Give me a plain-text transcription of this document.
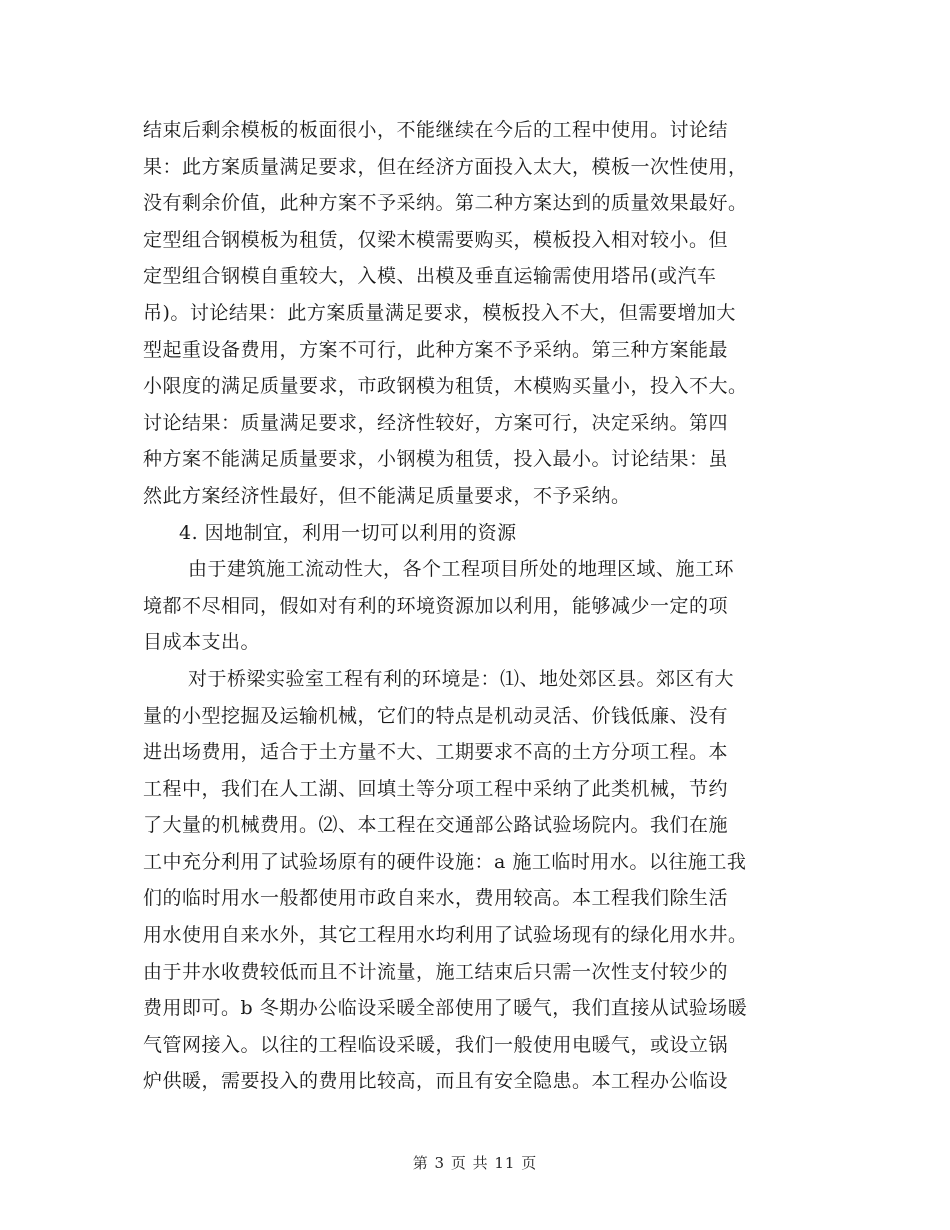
结束后剩余模板的板面很小，不能继续在今后的工程中使用。讨论结
果：此方案质量满足要求，但在经济方面投入太大，模板一次性使用，
没有剩余价值，此种方案不予采纳。第二种方案达到的质量效果最好。
定型组合钢模板为租赁，仅梁木模需要购买，模板投入相对较小。但
定型组合钢模自重较大，入模、出模及垂直运输需使用塔吊(或汽车
吊)。讨论结果：此方案质量满足要求，模板投入不大，但需要增加大
型起重设备费用，方案不可行，此种方案不予采纳。第三种方案能最
小限度的满足质量要求，市政钢模为租赁，木模购买量小，投入不大。
讨论结果：质量满足要求，经济性较好，方案可行，决定采纳。第四
种方案不能满足质量要求，小钢模为租赁，投入最小。讨论结果：虽
然此方案经济性最好，但不能满足质量要求，不予采纳。
4. 因地制宜，利用一切可以利用的资源
由于建筑施工流动性大，各个工程项目所处的地理区域、施工环
境都不尽相同，假如对有利的环境资源加以利用，能够减少一定的项
目成本支出。
对于桥梁实验室工程有利的环境是：⑴、地处郊区县。郊区有大
量的小型挖掘及运输机械，它们的特点是机动灵活、价钱低廉、没有
进出场费用，适合于土方量不大、工期要求不高的土方分项工程。本
工程中，我们在人工湖、回填土等分项工程中采纳了此类机械，节约
了大量的机械费用。⑵、本工程在交通部公路试验场院内。我们在施
工中充分利用了试验场原有的硬件设施：a 施工临时用水。以往施工我
们的临时用水一般都使用市政自来水，费用较高。本工程我们除生活
用水使用自来水外，其它工程用水均利用了试验场现有的绿化用水井。
由于井水收费较低而且不计流量，施工结束后只需一次性支付较少的
费用即可。b 冬期办公临设采暖全部使用了暖气，我们直接从试验场暖
气管网接入。以往的工程临设采暖，我们一般使用电暖气，或设立锅
炉供暖，需要投入的费用比较高，而且有安全隐患。本工程办公临设
第 3 页 共 11 页
